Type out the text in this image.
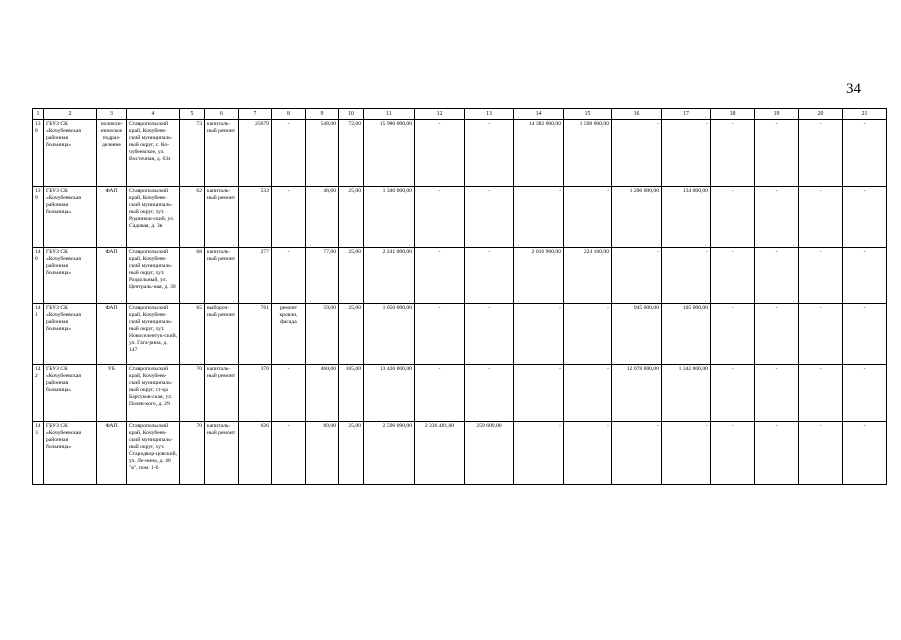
34
1	2	3	4	5	6	7	8	9	10	11	12	13	14	15	16	17	18	19	20	21
138	ГБУЗ СК «Кочубеевская районная больница»	поликли-ническое подраз-деление	Ставропольский край, Кочубеев-ский муниципаль-ный округ, с. Ко-чубеевское, ул. Восточная, д. 63з	73	капиталь-ный ремонт	25679	-	548,00	72,00	15 980 000,00	-	-	14 382 000,00	1 598 000,00	-	-	-	-	-	-
139	ГБУЗ СК «Кочубеевская районная больница»	ФАП	Ставропольский край, Кочубеев-ский муниципаль-ный округ, хут. Родникон-ский, ул. Садовая, д. 3в	62	капиталь-ный ремонт	533	-	46,00	25,00	1 340 000,00	-	-	-	-	1 206 000,00	134 000,00	-	-	-	-
140	ГБУЗ СК «Кочубеевская районная больница»	ФАП	Ставропольский край, Кочубеев-ский муниципаль-ный округ, хут. Раздольный, ул. Централь-ная, д. 30	68	капиталь-ный ремонт	277	-	77,00	25,00	2 241 000,00	-	-	2 016 900,00	224 100,00	-	-	-	-	-	-
141	ГБУЗ СК «Кочубеевская районная больница»	ФАП	Ставропольский край, Кочубеев-ский муниципаль-ный округ, хут. Новоселентук-ский, ул. Гага-рина, д. 147	65	выбороч-ный ремонт	761	ремонт кровли, фасада	59,00	25,00	1 050 000,00	-	-	-	-	945 000,00	105 000,00	-	-	-	-
142	ГБУЗ СК «Кочубеевская районная больница»	УБ	Ставропольский край, Кочубеев-ский муниципаль-ный округ, ст-ца Барсуков-ская, ул. Полев-кого, д. 29	70	капиталь-ный ремонт	370	-	460,00	105,00	13 420 000,00	-	-	-	-	12 078 000,00	1 342 000,00	-	-	-	-
143	ГБУЗ СК «Кочубеевская районная больница»	ФАП	Ставропольский край, Кочубеев-ский муниципаль-ный округ, хут. Стародвор-цовский, ул. Ле-нина, д. 48 "в", пом. 1-6	70	капиталь-ный ремонт	626	-	89,00	25,00	2 596 090,00	2 336 481,00	259 609,00	-	-	-	-	-	-	-	-
